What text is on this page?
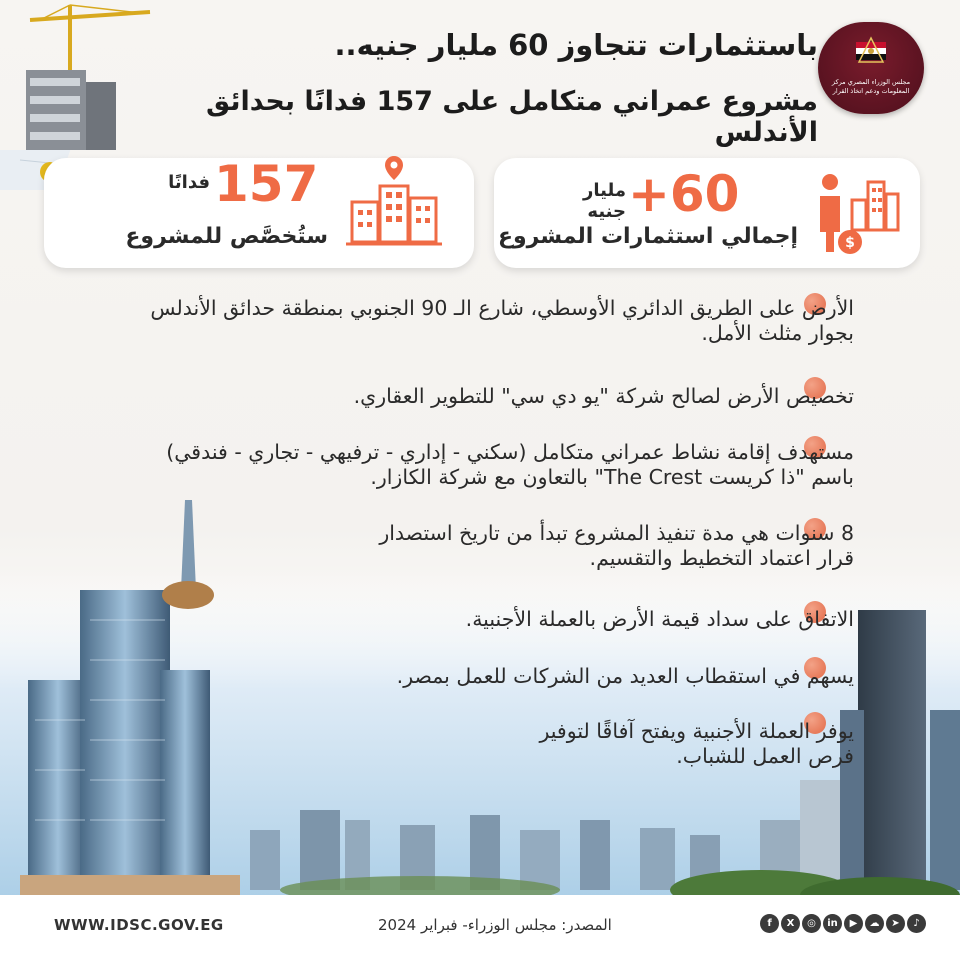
باستثمارات تتجاوز 60 مليار جنيه..
مشروع عمراني متكامل على 157 فدانًا بحدائق الأندلس
مجلس الوزراء المصري مركز المعلومات ودعم اتخاذ القرار
$
+60
مليار جنيه
إجمالي استثمارات المشروع
157
فدانًا
ستُخصَّص للمشروع
الأرض على الطريق الدائري الأوسطي، شارع الـ 90 الجنوبي بمنطقة حدائق الأندلس
بجوار مثلث الأمل.
تخصيص الأرض لصالح شركة "يو دي سي" للتطوير العقاري.
مستهدف إقامة نشاط عمراني متكامل (سكني - إداري - ترفيهي - تجاري - فندقي)
باسم "ذا كريست The Crest" بالتعاون مع شركة الكازار.
8 سنوات هي مدة تنفيذ المشروع تبدأ من تاريخ استصدار
قرار اعتماد التخطيط والتقسيم.
الاتفاق على سداد قيمة الأرض بالعملة الأجنبية.
يسهم في استقطاب العديد من الشركات للعمل بمصر.
يوفر العملة الأجنبية ويفتح آفاقًا لتوفير
فرص العمل للشباب.
WWW.IDSC.GOV.EG	المصدر: مجلس الوزراء- فبراير 2024	f	X	◎	in	▶	☁	➤	♪
